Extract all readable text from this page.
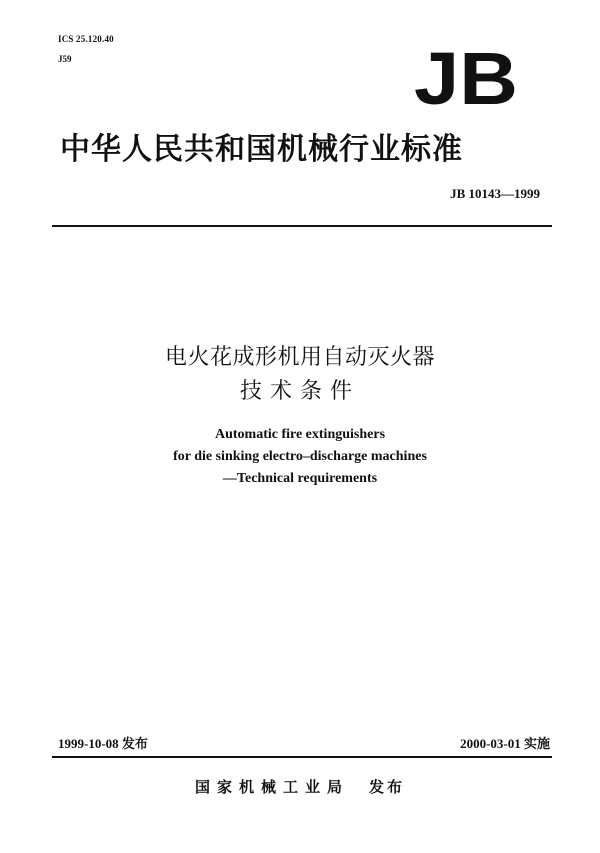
ICS 25.120.40
J59	JB
中华人民共和国机械行业标准
JB 10143—1999
电火花成形机用自动灭火器
技术条件
Automatic fire extinguishers
for die sinking electro–discharge machines
—Technical requirements
1999-10-08 发布	2000-03-01 实施
国家机械工业局 发布
